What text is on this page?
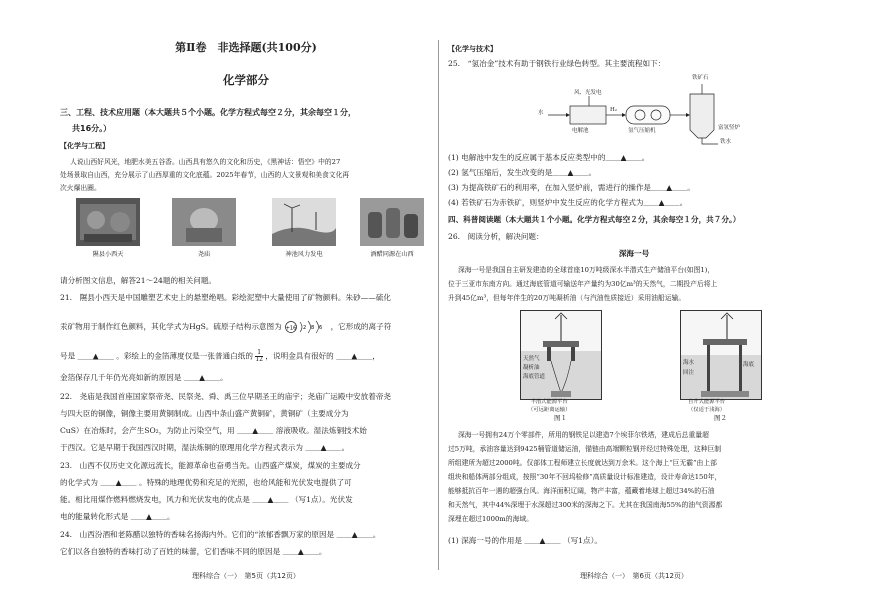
第Ⅱ卷　非选择题(共100分)
化学部分
三、工程、技术应用题（本大题共５个小题。化学方程式每空２分，其余每空１分，
共16分。）
【化学与工程】
人说山西好风光，地肥水美五谷香。山西具有悠久的文化和历史，《黑神话：悟空》中的27
处场景取自山西，充分展示了山西厚重的文化底蕴。2025年春节，山西的人文景观和美食文化再
次火爆出圈。
隰县小西天	尧庙	神池风力发电	酒醋同源在山西
请分析图文信息，解答21～24题的相关问题。
21.　隰县小西天是中国雕塑艺术史上的悬塑绝唱。彩绘泥塑中大量使用了矿物颜料。朱砂——硫化
汞矿物用于制作红色颜料，其化学式为HgS。硫原子结构示意图为 +16 2 8 6 ，它形成的离子符
号是 ＿＿▲＿＿ 。彩绘上的金箔薄度仅是一张普通白纸的 $\frac{1}{12}$ ，说明金具有很好的 ＿＿▲＿＿，
金箔保存几千年仍光亮如新的原因是 ＿＿▲＿＿。
22.　尧庙是我国首座国家祭帝尧、民祭尧、舜、禹三位早期圣王的庙宇；尧庙广运殿中安放着帝尧
与四大臣的铜像，铜像主要用黄铜制成。山西中条山盛产黄铜矿，黄铜矿（主要成分为
CuS）在冶炼时，会产生SO₂，为防止污染空气，用 ＿＿▲＿＿ 溶液吸收。湿法炼铜技术始
于西汉。它是早期于我国西汉时期，湿法炼铜的原理用化学方程式表示为 ＿＿▲＿＿。
23.　山西不仅历史文化源远流长，能源革命也奋勇当先。山西盛产煤炭，煤炭的主要成分
的化学式为 ＿＿▲＿＿ 。特殊的地理优势和充足的光照，也给风能和光伏发电提供了可
能。相比用煤作燃料燃烧发电，风力和光伏发电的优点是 ＿＿▲＿＿ （写1点）。光伏发
电的能量转化形式是 ＿＿▲＿＿。
24.　山西汾酒和老陈醋以独特的香味名扬海内外。它们的“浓郁香飘万家的原因是 ＿＿▲＿＿。
它们以各自独特的香味打动了百姓的味蕾，它们香味不同的原因是 ＿＿▲＿＿。
理科综合（一）　第5页（共12页）
【化学与技术】
25.　“氢冶金”技术有助于钢铁行业绿色转型。其主要流程如下：
水
风、光发电
H₂
电解池	氢气压缩机
铁矿石
铁水
富氢竖炉
(1) 电解池中发生的反应属于基本反应类型中的＿＿▲＿＿。
(2) 氢气压缩后，发生改变的是＿＿▲＿＿。
(3) 为提高铁矿石的利用率，在加入竖炉前，需进行的操作是＿＿▲＿＿。
(4) 若铁矿石为赤铁矿，则竖炉中发生反应的化学方程式为＿＿▲＿＿。
四、科普阅读题（本大题共１个小题。化学方程式每空２分，其余每空１分，共７分。）
26.　阅读分析，解决问题：
深海一号
深海一号是我国自主研发建造的全球首座10万吨级深水半潜式生产储油平台(如图1)，
位于三亚市东南方向。通过海底管道可输送年产量约为30亿m³的天然气，二期投产后将上
升到45亿m³，但每年伴生的20万吨凝析油（与汽油性质接近）采用油船运输。
天然气
凝析油
海底管道
半潜式能源平台
（可远距离运输）
图１
海水
回注
海底
自升式能源平台
（仅适于浅海）
图２
深海一号拥有24万个零部件，所用的钢铁足以建造7个埃菲尔铁塔，建成后总重量超
过5万吨，承油容量达到9425桶管道储运油，锚链由高端颗粒钢并经过特殊处理，这种巨制
所组建所为超过2000吨。仅部体工程师建立长度就达到万余米。这个海上“巨无霸”由上部
组块和船体两部分组成，按照“30年不回坞检修”高质量设计标准建造，设计寿命达150年，
能够抵抗百年一遇的超强台风。海洋面积辽阔，物产丰富，蕴藏着地球上超过34%的石油
和天然气，其中44%深埋于水深超过300米的深海之下。尤其在我国南海55%的油气资源都
深埋在超过1000m的海域。
(1) 深海一号的作用是 ＿＿▲＿＿ （写1点）。
理科综合（一）　第6页（共12页）
